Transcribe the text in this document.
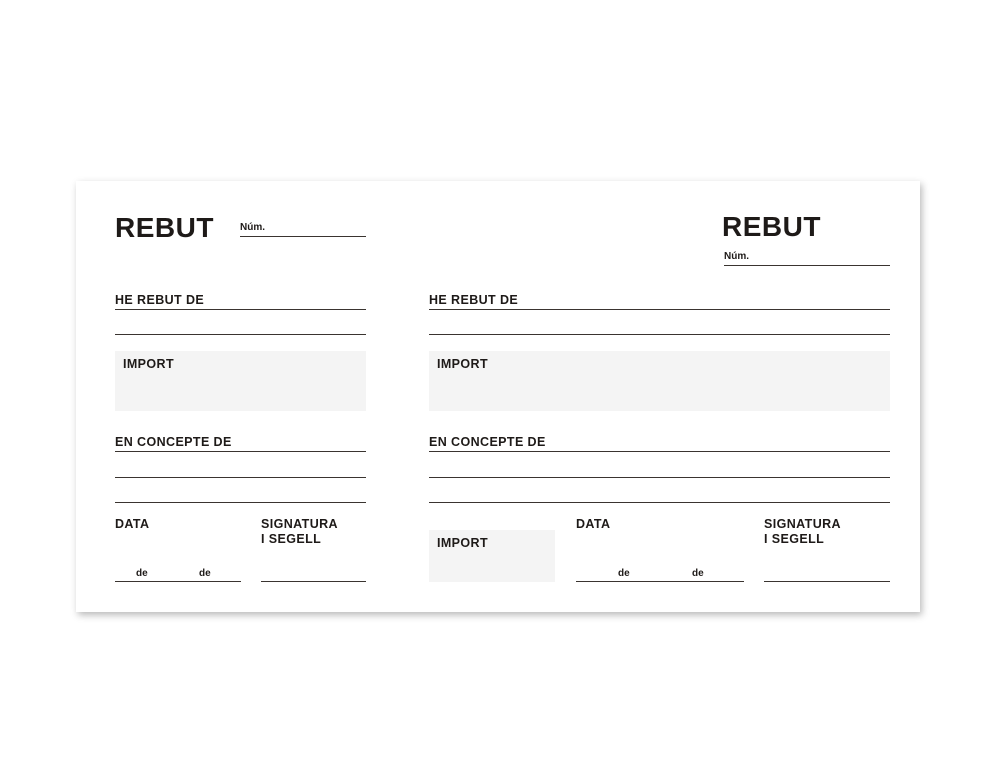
REBUT	Núm.
HE REBUT DE
IMPORT
EN CONCEPTE DE
DATA
de	de
SIGNATURA
I SEGELL
REBUT
Núm.
HE REBUT DE
IMPORT
EN CONCEPTE DE
IMPORT
DATA
de	de
SIGNATURA
I SEGELL
